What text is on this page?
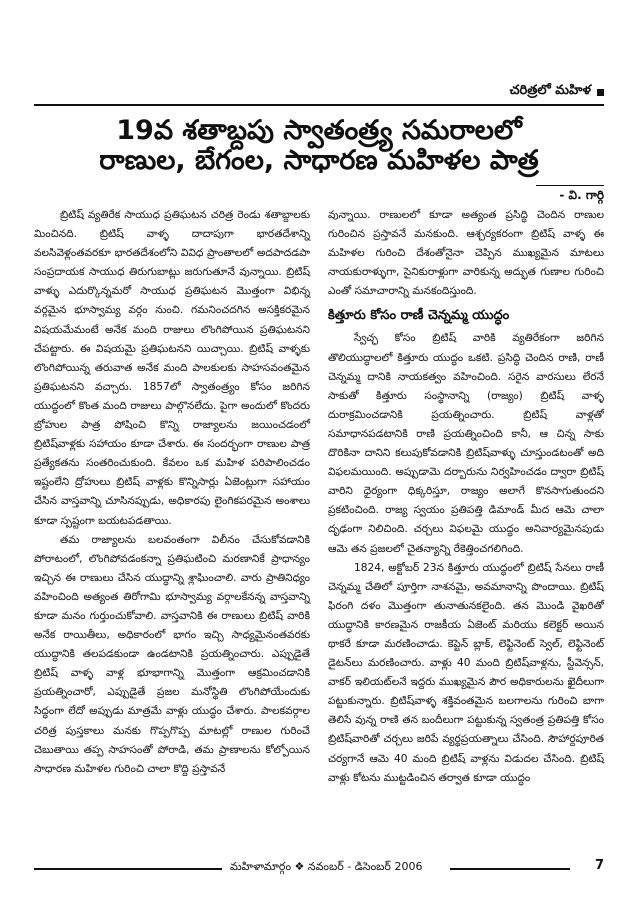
చరిత్రలో మహిళ
19వ శతాబ్దపు స్వాతంత్ర్య సమరాలలో
రాణుల, బేగంల, సాధారణ మహిళల పాత్ర
- వి. గార్గి

బ్రిటిష్ వ్యతిరేక సాయుధ ప్రతిఘటన చరిత్ర రెండు శతాబ్దాలకు మించినది. బ్రిటిష్ వాళ్ళ దాదాపుగా భారతదేశాన్ని వలసివెళ్లంతవరకూ భారతదేశంలోని వివిధ ప్రాంతాలలో అదపాదడపా సంప్రదాయక సాయుధ తిరుగుబాట్లు జరుగుతూనే వున్నాయి. బ్రిటిష్ వాళ్ళు ఎదుర్కొన్నమరో సాయుధ ప్రతిఘటన మొత్తంగా విభిన్న వర్గమైన భూస్వామ్య వర్గం నుంచి. గమనించదగిన అసక్తికరమైన విషయమేమంటే అనేక మంది రాజులు లొంగిపోయిన ప్రతిఘటనని చేపట్టారు. ఈ విషయమై ప్రతిఘటనని యిచ్చాయి. బ్రిటిష్ వాళ్ళకు లొంగిపోయిన్న తరువాత అనేక మంది పాలకులకు సాహసవంతమైన ప్రతిఘటనని వచ్చారు. 1857లో స్వాతంత్ర్యం కోసం జరిగిన యుద్ధంలో కొంత మంది రాజులు పాల్గొనలేదు. పైగా అందులో కొందరు బ్రోహుల పాత్ర పోషించి కొన్ని రాజ్యాలను జయించడంలో బ్రిటిష్‌వాళ్లకు సహాయం కూడా చేశారు. ఈ సందర్భంగా రాణుల పాత్ర ప్రత్యేకతను సంతరించుకుంది. కేవలం ఒక మహిళ పరిపాలించడం ఇష్టంలేని ద్రోహులు బ్రిటిష్ వాళ్లకు కొన్నిసార్లు ఏజెంట్లుగా సహాయం చేసిన వాస్తవాన్ని చూసినప్పుడు, అధికారపు లైంగికపరమైన అంశాలు కూడా స్పష్టంగా బయటపడతాయి.

తమ రాజ్యాలను బలవంతంగా విలీనం చేసుకోవడానికి పోరాటంలో, లొంగిపోవడంకన్నా ప్రతిఘటించి మరణానికే ప్రాధాన్యం ఇచ్చిన ఈ రాణులు చేసిన యుద్ధాన్ని శ్లాఘించాలి. వారు ప్రాతినిధ్యం వహించింది అత్యంత తిరోగామి భూస్వామ్య వర్గాలకేనన్న వాస్తవాన్ని కూడా మనం గుర్తుంచుకోవాలి. వాస్తవానికి ఈ రాణులు బ్రిటిష్ వారికి అనేక రాయితీలు, అధికారంలో భాగం ఇచ్చి సాధ్యమైనంతవరకు యుద్ధానికి తలపడకుండా ఉండటానికి ప్రయత్నించారు. ఎప్పుడైతే బ్రిటిష్ వాళ్ళ వాళ్ల భూభాగాన్ని మొత్తంగా ఆక్రమించడానికి ప్రయత్నించారో, ఎప్పుడైతే ప్రజల మనోస్థితి లొంగిపోయేందుకు సిద్ధంగా లేదో అప్పుడు మాత్రమే వాళ్లు యుద్ధం చేశారు. పాలకవర్గాల చరిత్ర పుస్తకాలు మనకు గొప్పగొప్ప మాటల్లో రాణుల గురించే చెబుతాయి తప్ప సాహసంతో పోరాడి, తమ ప్రాణాలను కోల్పోయిన సాధారణ మహిళల గురించి చాలా కొద్ది ప్రస్తావనే

వున్నాయి. రాణులలో కూడా అత్యంత ప్రసిద్ధి చెందిన రాణుల గురించిన ప్రస్తావనే మనకుంది. ఆశ్చర్యకరంగా బ్రిటిష్ వాళ్ళ ఈ మహిళల గురించి దేశంతోనైనా చెప్పిన ముఖ్యమైన మాటలు నాయకురాళ్ళుగా, సైనికురాళ్లుగా వారికున్న అద్భుత గుణాల గురించి ఎంతో సమాచారాన్ని మనకందిస్తుంది.

కిత్తూరు కోసం రాణీ చెన్నమ్మ యుద్ధం

స్వేచ్ఛ కోసం బ్రిటిష్ వారికి వ్యతిరేకంగా జరిగిన తొలియుద్ధాలలో కిత్తూరు యుద్ధం ఒకటి. ప్రసిద్ధి చెందిన రాణి, రాణీ చెన్నమ్మ దానికి నాయకత్వం వహించింది. సరైన వారసులు లేరనే సాకుతో కిత్తూరు సంస్థానాన్ని (రాజ్యం) బ్రిటిష్ వాళ్ళ దురాక్రమించడానికి ప్రయత్నించారు. బ్రిటిష్ వాళ్లతో సమాధానపడటానికి రాణి ప్రయత్నించింది కానీ, ఆ చిన్న సాకు దొరికినా దానిని కలుపుకోవడానికి బ్రిటిష్‌వాళ్ళు చూస్తుండటంతో అది విఫలమయింది. అప్పుడామె దర్బారును నిర్వహించడం ద్వారా బ్రిటిష్ వారిని ధైర్యంగా ధిక్కరిస్తూ, రాజ్యం అలాగే కొనసాగుతుందని ప్రకటించింది. రాజ్య స్వయం ప్రతిపత్తి డిమాండ్ మీద ఆమె చాలా దృఢంగా నిలిచింది. చర్చలు విఫలమై యుద్ధం అనివార్యమైనపుడు ఆమె తన ప్రజలలో చైతన్యాన్ని రేకెత్తించగలిగింది.

1824, అక్టోబర్ 23న కిత్తూరు యుద్ధంలో బ్రిటిష్ సేనలు రాణీ చెన్నమ్మ చేతిలో పూర్తిగా నాశనమై, అవమానాన్ని పొందాయి. బ్రిటిష్ ఫిరంగి దళం మొత్తంగా తునాతునకలైంది. తన మొండి వైఖరితో యుద్ధానికి కారణమైన రాజకీయ ఏజెంట్ మరియు కలెక్టర్ అయిన థాకరే కూడా మరణించాడు. కెప్టెన్ బ్లాక్, లెఫ్టినెంట్ స్వెల్, లెఫ్టినెంట్ డైటన్‌లు మరణించారు. వాళ్లు 40 మంది బ్రిటిష్‌వాళ్లను, స్టీవెన్సన్, వాకర్ ఇలియట్‌లనే ఇద్దరు ముఖ్యమైన పౌర అధికారులను ఖైదీలుగా పట్టుకున్నారు. బ్రిటిష్‌వాళ్ళ శక్తివంతమైన బలగాలను గురించి బాగా తెలిసే వున్న రాణి తన బందీలుగా పట్టుకున్న స్వతంత్ర ప్రతిపత్తి కోసం బ్రిటిష్‌వారితో చర్చలు జరిపే వ్యర్థప్రయత్నాలు చేసింది. సౌహార్దపూరిత చర్యగానే ఆమె 40 మంది బ్రిటిష్ వాళ్లను విడుదల చేసింది. బ్రిటిష్ వాళ్లు కోటను ముట్టడించిన తర్వాత కూడా యుద్ధం

మహిళామార్గం ❖ నవంబర్ - డిసెంబర్ 2006	7
